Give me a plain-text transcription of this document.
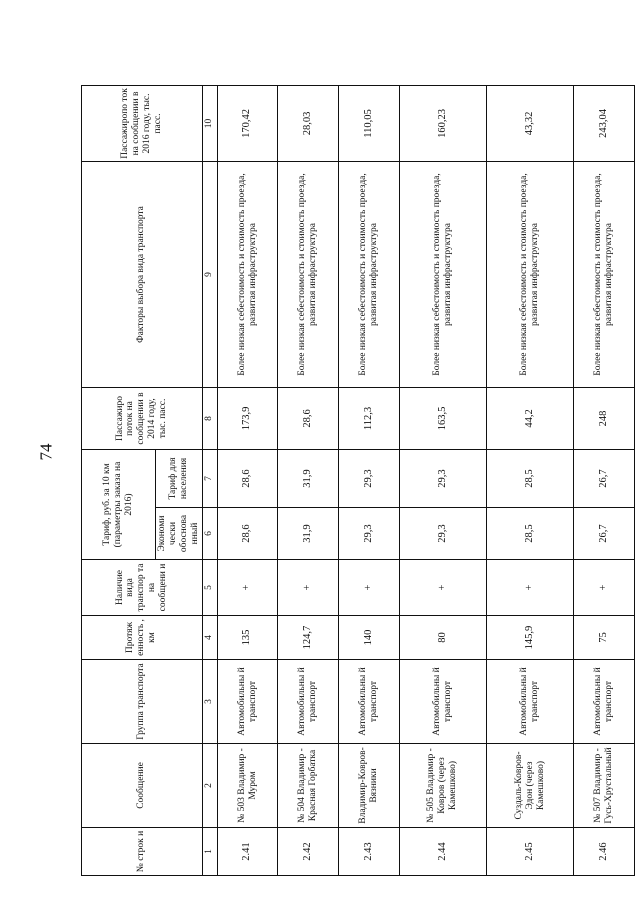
74
№ строк и	Сообщение	Группа транспорта	Протяж енность , км	Наличие вида транспор та на сообщени и	Тариф, руб. за 10 км (параметры заказа на 2016)		Пассажиро поток на сообщении в 2014 году, тыс. пасс.	Факторы выбора вида транспорта	Пассажиропо ток на сообщении в 2016 году, тыс. пасс.
					Экономи чески обоснова нный	Тариф для населения			
1	2	3	4	5	6	7	8	9	10
2.41	№ 503 Владимир - Муром	Автомобильны й транспорт	135	+	28,6	28,6	173,9	Более низкая себестоимость и стоимость проезда, развитая инфраструктура	170,42
2.42	№ 504 Владимир - Красная Горбатка	Автомобильны й транспорт	124,7	+	31,9	31,9	28,6	Более низкая себестоимость и стоимость проезда, развитая инфраструктура	28,03
2.43	Владимир-Ковров-Вязники	Автомобильны й транспорт	140	+	29,3	29,3	112,3	Более низкая себестоимость и стоимость проезда, развитая инфраструктура	110,05
2.44	№ 505 Владимир - Ковров (через Камешково)	Автомобильны й транспорт	80	+	29,3	29,3	163,5	Более низкая себестоимость и стоимость проезда, развитая инфраструктура	160,23
2.45	Суздаль-Ковров-Эдон (через Камешково)	Автомобильны й транспорт	145,9	+	28,5	28,5	44,2	Более низкая себестоимость и стоимость проезда, развитая инфраструктура	43,32
2.46	№ 507 Владимир - Гусь-Хрустальный	Автомобильны й транспорт	75	+	26,7	26,7	248	Более низкая себестоимость и стоимость проезда, развитая инфраструктура	243,04
